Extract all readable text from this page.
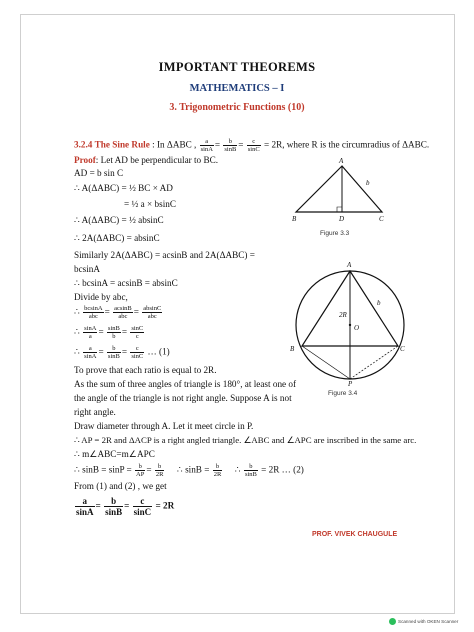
IMPORTANT THEOREMS
MATHEMATICS – I
3. Trigonometric Functions (10)
3.2.4 The Sine Rule : In ΔABC , $\frac{a}{\sin A} = \frac{b}{\sin B} = \frac{c}{\sin C} = 2R$, where R is the circumradius of ΔABC.
Proof: Let AD be perpendicular to BC.
AD = b sin C
∴ A(ΔABC) = ½ BC × AD
= ½ a × bsinC
∴ A(ΔABC) = ½ absinC
∴ 2A(ΔABC) = absinC
Similarly 2A(ΔABC) = acsinB and 2A(ΔABC) =
bcsinA
∴ bcsinA = acsinB = absinC
Divide by abc,
∴ $\frac{bcsinA}{\text{abc}} = \frac{acsinB}{\text{abc}} = \frac{absinC}{\text{abc}}$
∴ $\frac{\sin A}{a} = \frac{\sin B}{b} = \frac{\sin C}{c}$
∴ $\frac{a}{\sin A} = \frac{b}{\sin B} = \frac{c}{\sin C}$ … (1)
To prove that each ratio is equal to 2R.
As the sum of three angles of triangle is 180°, at least one of
the angle of the triangle is not right angle. Suppose A is not
right angle.
Draw diameter through A. Let it meet circle in P.
∴ AP = 2R and ΔACP is a right angled triangle. ∠ABC and ∠APC are inscribed in the same arc.
∴ m∠ABC=m∠APC
∴ $\sin B = \sin P = \frac{b}{AP} = \frac{b}{2R}$ ∴ $\sin B = \frac{b}{2R}$ ∴ $\frac{b}{\sin B} = 2R$ … (2)
From (1) and (2) , we get
$\frac{a}{\sin A} = \frac{b}{\sin B} = \frac{c}{\sin C} = 2R$
A
B	C
D
b
Figure 3.3
A
B	C
P
O
b
2R
Figure 3.4
PROF. VIVEK CHAUGULE
Scanned with OKEN Scanner
